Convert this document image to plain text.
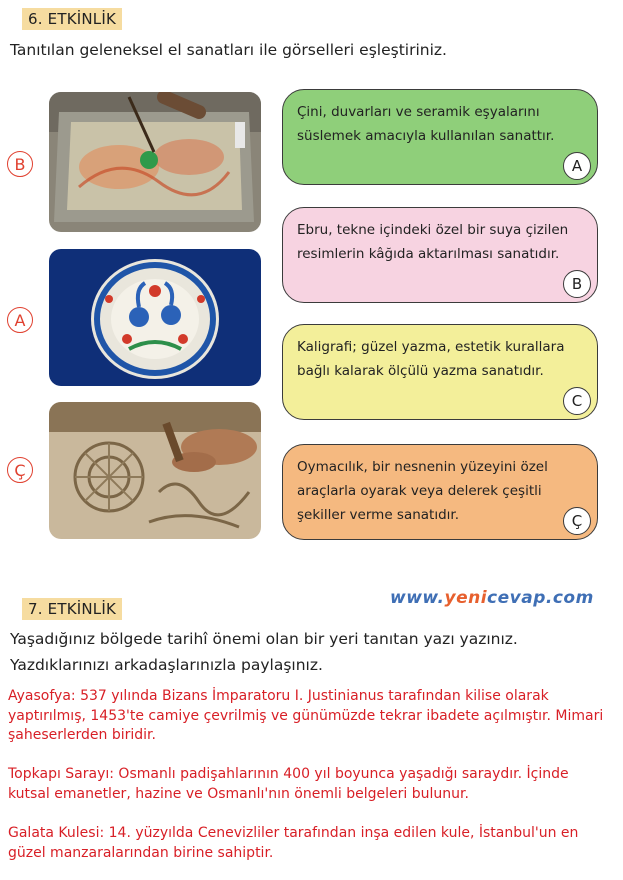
6. ETKİNLİK
Tanıtılan geleneksel el sanatları ile görselleri eşleştiriniz.
B
A
Ç
Çini, duvarları ve seramik eşyalarını süslemek amacıyla kullanılan sanattır.
A
Ebru, tekne içindeki özel bir suya çizilen resimlerin kâğıda aktarılması sanatıdır.
B
Kaligrafi; güzel yazma, estetik kurallara bağlı kalarak ölçülü yazma sanatıdır.
C
Oymacılık, bir nesnenin yüzeyini özel araçlarla oyarak veya delerek çeşitli şekiller verme sanatıdır.	Ç
7. ETKİNLİK
www.yenicevap.com
Yaşadığınız bölgede tarihî önemi olan bir yeri tanıtan yazı yazınız. Yazdıklarınızı arkadaşlarınızla paylaşınız.
Ayasofya: 537 yılında Bizans İmparatoru I. Justinianus tarafından kilise olarak yaptırılmış, 1453'te camiye çevrilmiş ve günümüzde tekrar ibadete açılmıştır. Mimari şaheserlerden biridir.
Topkapı Sarayı: Osmanlı padişahlarının 400 yıl boyunca yaşadığı saraydır. İçinde kutsal emanetler, hazine ve Osmanlı'nın önemli belgeleri bulunur.
Galata Kulesi: 14. yüzyılda Cenevizliler tarafından inşa edilen kule, İstanbul'un en güzel manzaralarından birine sahiptir.
